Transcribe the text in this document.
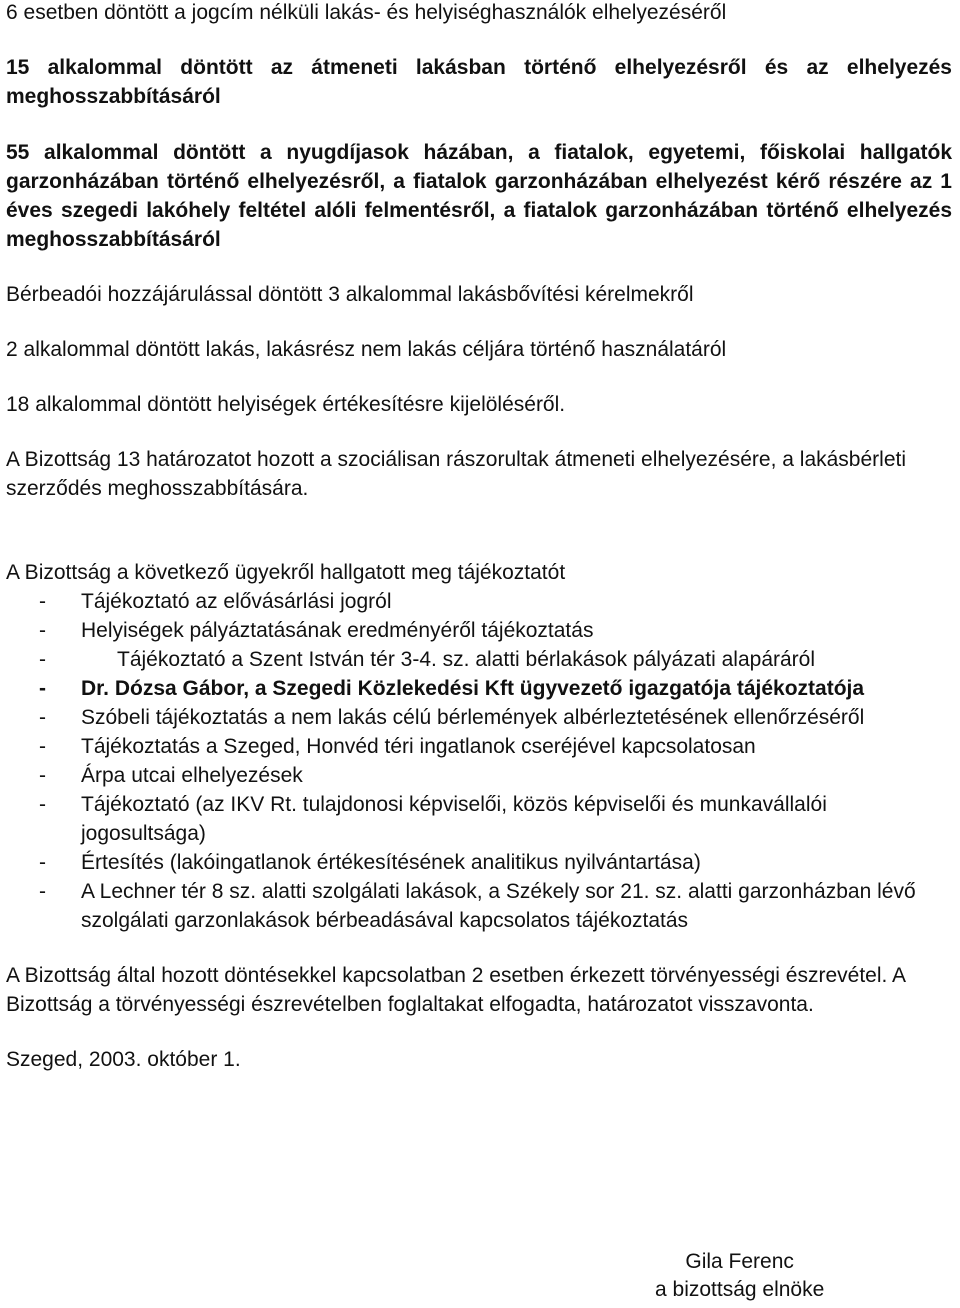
6 esetben döntött a jogcím nélküli lakás- és helyiséghasználók elhelyezéséről

15 alkalommal döntött az átmeneti lakásban történő elhelyezésről és az elhelyezés meghosszabbításáról

55 alkalommal döntött a nyugdíjasok házában, a fiatalok, egyetemi, főiskolai hallgatók garzonházában történő elhelyezésről, a fiatalok garzonházában elhelyezést kérő részére az 1 éves szegedi lakóhely feltétel alóli felmentésről, a fiatalok garzonházában történő elhelyezés meghosszabbításáról

Bérbeadói hozzájárulással döntött 3 alkalommal lakásbővítési kérelmekről

2 alkalommal döntött lakás, lakásrész nem lakás céljára történő használatáról

18 alkalommal döntött helyiségek értékesítésre kijelöléséről.

A Bizottság 13 határozatot hozott a szociálisan rászorultak átmeneti elhelyezésére, a lakásbérleti szerződés meghosszabbítására.

A Bizottság a következő ügyekről hallgatott meg tájékoztatót

- Tájékoztató az elővásárlási jogról
- Helyiségek pályáztatásának eredményéről tájékoztatás
-	Tájékoztató a Szent István tér 3-4. sz. alatti bérlakások pályázati alapáráról
- Dr. Dózsa Gábor, a Szegedi Közlekedési Kft ügyvezető igazgatója tájékoztatója
- Szóbeli tájékoztatás a nem lakás célú bérlemények albérleztetésének ellenőrzéséről
- Tájékoztatás a Szeged, Honvéd téri ingatlanok cseréjével kapcsolatosan
- Árpa utcai elhelyezések
- Tájékoztató (az IKV Rt. tulajdonosi képviselői, közös képviselői és munkavállalói jogosultsága)
- Értesítés (lakóingatlanok értékesítésének analitikus nyilvántartása)
- A Lechner tér 8 sz. alatti szolgálati lakások, a Székely sor 21. sz. alatti garzonházban lévő szolgálati garzonlakások bérbeadásával kapcsolatos tájékoztatás

A Bizottság által hozott döntésekkel kapcsolatban 2 esetben érkezett törvényességi észrevétel. A Bizottság a törvényességi észrevételben foglaltakat elfogadta, határozatot visszavonta.

Szeged, 2003. október 1.

Gila Ferenc
a bizottság elnöke
